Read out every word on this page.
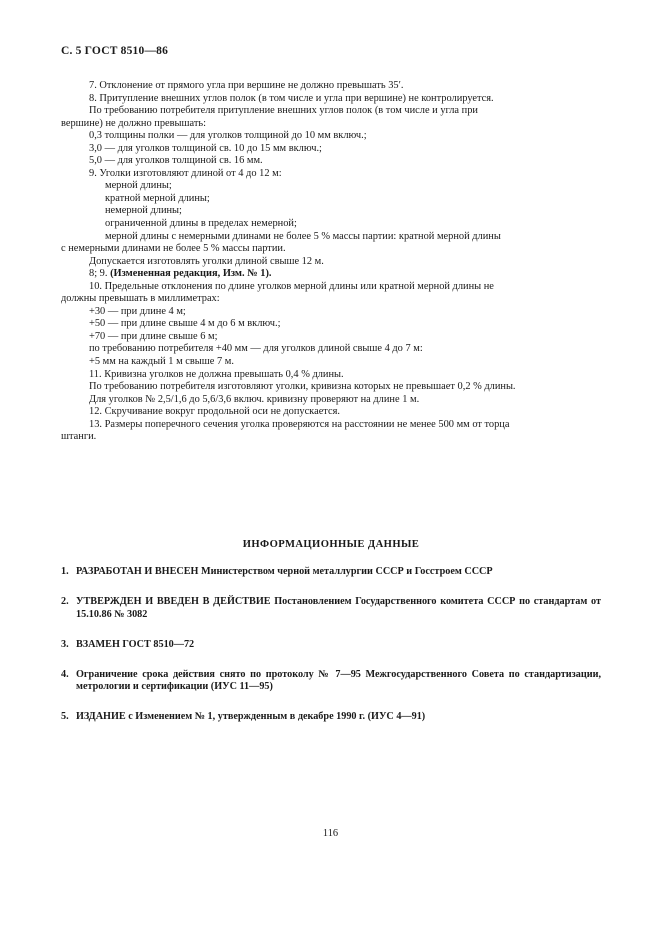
С. 5 ГОСТ 8510—86

7. Отклонение от прямого угла при вершине не должно превышать 35′.

8. Притупление внешних углов полок (в том числе и угла при вершине) не контролируется.

По требованию потребителя притупление внешних углов полок (в том числе и угла при

вершине) не должно превышать:

0,3 толщины полки — для уголков толщиной до 10 мм включ.;

3,0 — для уголков толщиной св. 10 до 15 мм включ.;

5,0 — для уголков толщиной св. 16 мм.

9. Уголки изготовляют длиной от 4 до 12 м:

мерной длины;

кратной мерной длины;

немерной длины;

ограниченной длины в пределах немерной;

мерной длины с немерными длинами не более 5 % массы партии: кратной мерной длины

с немерными длинами не более 5 % массы партии.

Допускается изготовлять уголки длиной свыше 12 м.

8; 9. (Измененная редакция, Изм. № 1).

10. Предельные отклонения по длине уголков мерной длины или кратной мерной длины не

должны превышать в миллиметрах:

+30 — при длине 4 м;

+50 — при длине свыше 4 м до 6 м включ.;

+70 — при длине свыше 6 м;

по требованию потребителя +40 мм — для уголков длиной свыше 4 до 7 м:

+5 мм на каждый 1 м свыше 7 м.

11. Кривизна уголков не должна превышать 0,4 % длины.

По требованию потребителя изготовляют уголки, кривизна которых не превышает 0,2 % длины.

Для уголков № 2,5/1,6 до 5,6/3,6 включ. кривизну проверяют на длине 1 м.

12. Скручивание вокруг продольной оси не допускается.

13. Размеры поперечного сечения уголка проверяются на расстоянии не менее 500 мм от торца

штанги.

ИНФОРМАЦИОННЫЕ ДАННЫЕ
1. РАЗРАБОТАН И ВНЕСЕН Министерством черной металлургии СССР и Госстроем СССР
2. УТВЕРЖДЕН И ВВЕДЕН В ДЕЙСТВИЕ Постановлением Государственного комитета СССР по стандартам от 15.10.86 № 3082
3. ВЗАМЕН ГОСТ 8510—72
4. Ограничение срока действия снято по протоколу № 7—95 Межгосударственного Совета по стандартизации, метрологии и сертификации (ИУС 11—95)
5. ИЗДАНИЕ с Изменением № 1, утвержденным в декабре 1990 г. (ИУС 4—91)
116
